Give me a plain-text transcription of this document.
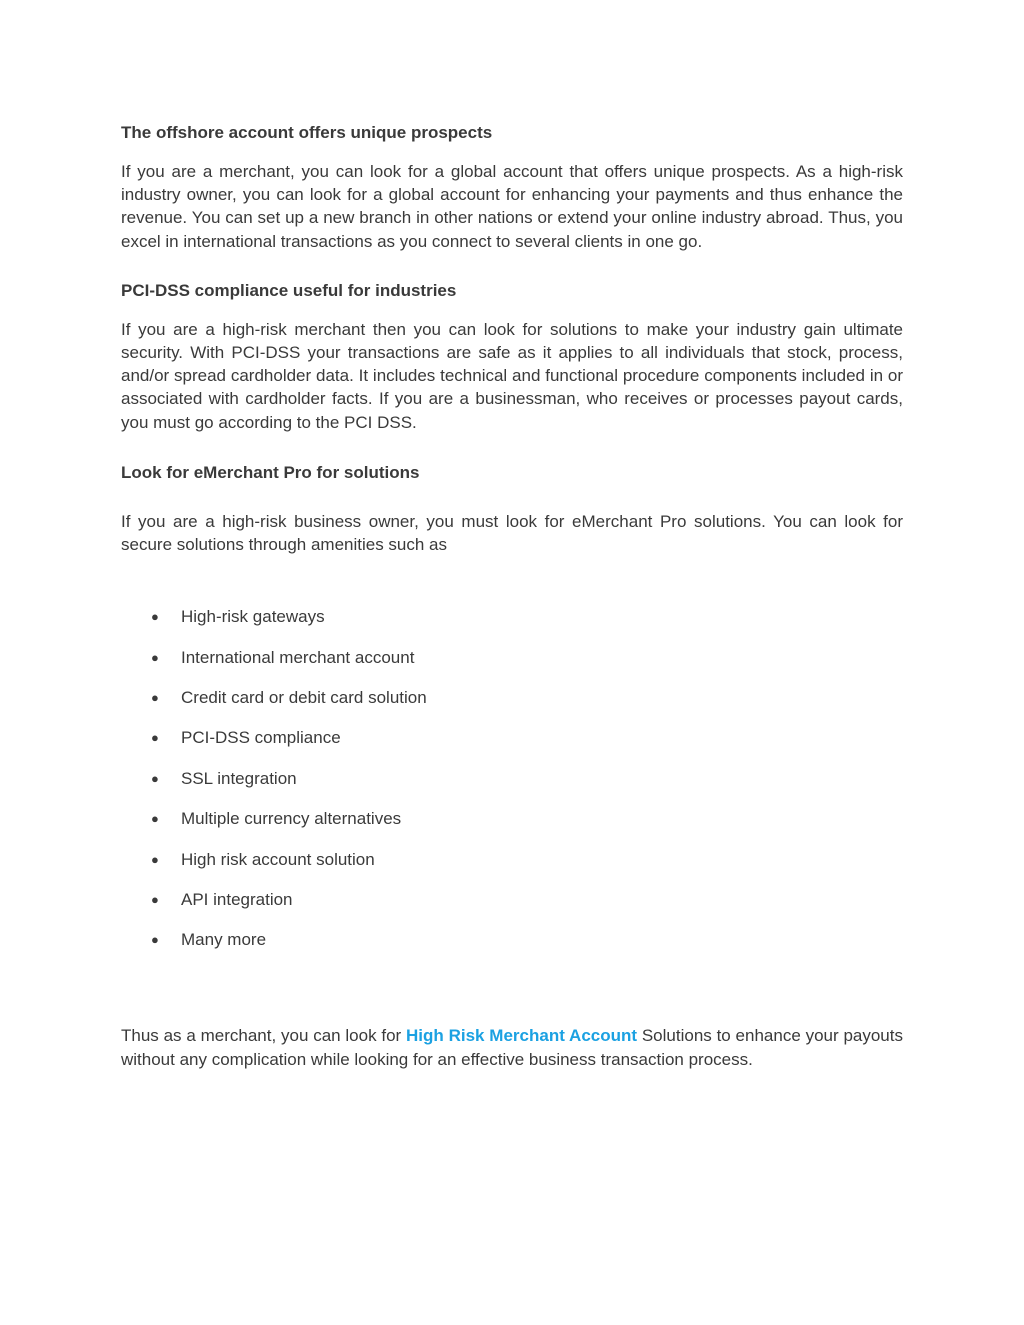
The offshore account offers unique prospects

If you are a merchant, you can look for a global account that offers unique prospects. As a high-risk industry owner, you can look for a global account for enhancing your payments and thus enhance the revenue. You can set up a new branch in other nations or extend your online industry abroad. Thus, you excel in international transactions as you connect to several clients in one go.

PCI-DSS compliance useful for industries

If you are a high-risk merchant then you can look for solutions to make your industry gain ultimate security. With PCI-DSS your transactions are safe as it applies to all individuals that stock, process, and/or spread cardholder data. It includes technical and functional procedure components included in or associated with cardholder facts. If you are a businessman, who receives or processes payout cards, you must go according to the PCI DSS.

Look for eMerchant Pro for solutions

If you are a high-risk business owner, you must look for eMerchant Pro solutions. You can look for secure solutions through amenities such as

● High-risk gateways
● International merchant account
● Credit card or debit card solution
● PCI-DSS compliance
● SSL integration
● Multiple currency alternatives
● High risk account solution
● API integration
● Many more

Thus as a merchant, you can look for High Risk Merchant Account Solutions to enhance your payouts without any complication while looking for an effective business transaction process.
